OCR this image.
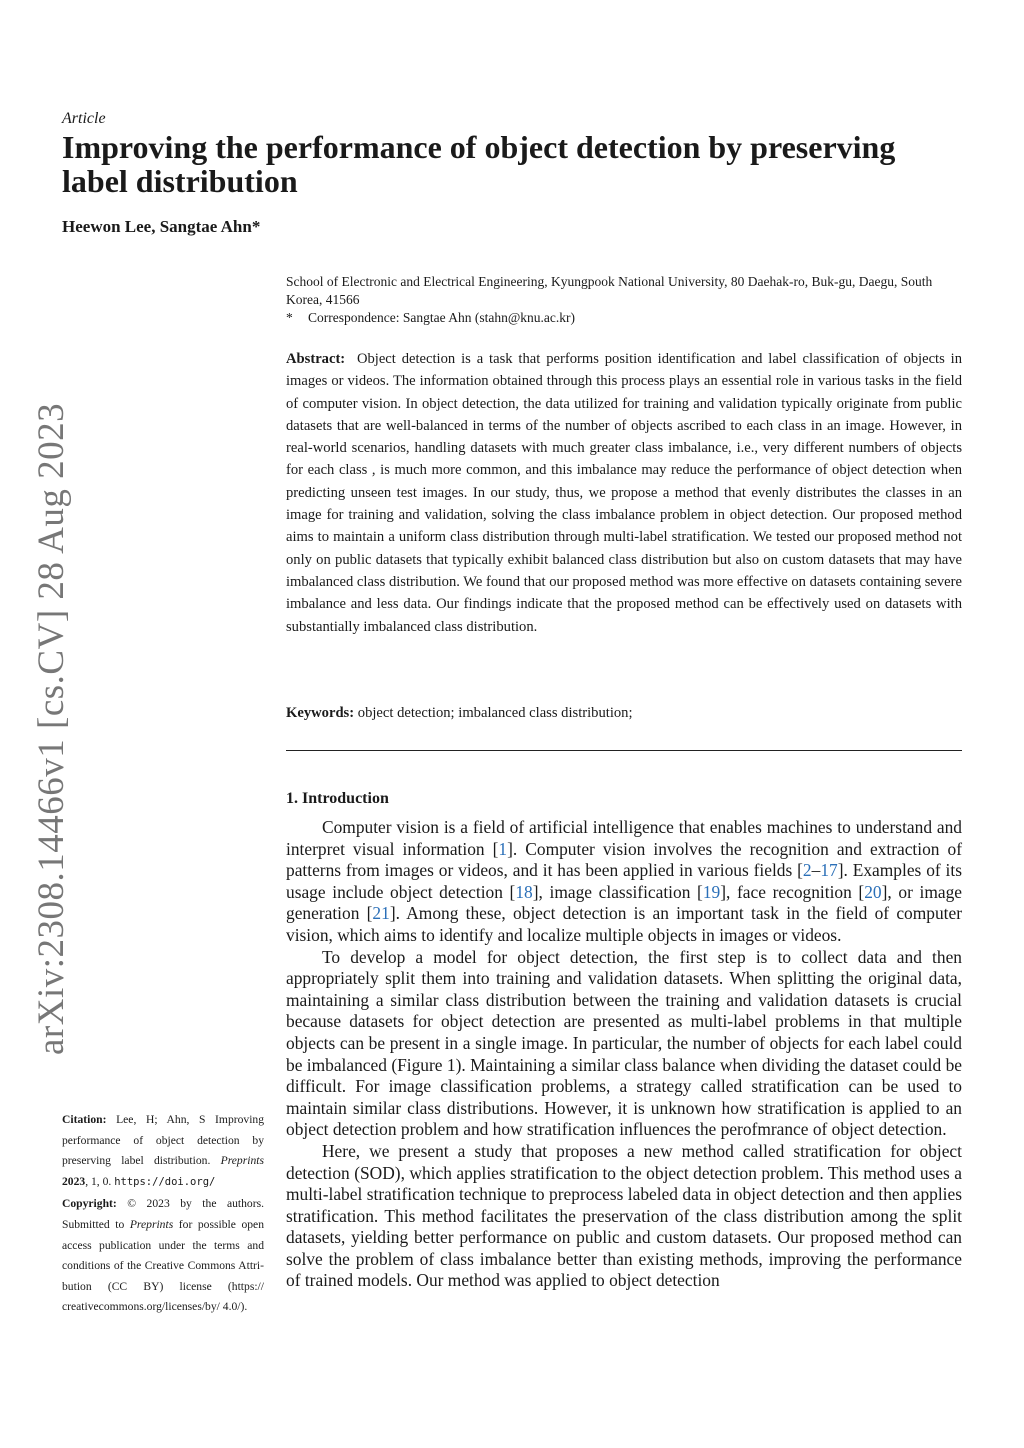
arXiv:2308.14466v1 [cs.CV] 28 Aug 2023
Article
Improving the performance of object detection by preserving label distribution
Heewon Lee, Sangtae Ahn*
School of Electronic and Electrical Engineering, Kyungpook National University, 80 Daehak-ro, Buk-gu, Daegu, South Korea, 41566
* Correspondence: Sangtae Ahn (stahn@knu.ac.kr)

Abstract: Object detection is a task that performs position identification and label classification of objects in images or videos. The information obtained through this process plays an essential role in various tasks in the field of computer vision. In object detection, the data utilized for training and validation typically originate from public datasets that are well-balanced in terms of the number of objects ascribed to each class in an image. However, in real-world scenarios, handling datasets with much greater class imbalance, i.e., very different numbers of objects for each class , is much more common, and this imbalance may reduce the performance of object detection when predicting unseen test images. In our study, thus, we propose a method that evenly distributes the classes in an image for training and validation, solving the class imbalance problem in object detection. Our proposed method aims to maintain a uniform class distribution through multi-label stratification. We tested our proposed method not only on public datasets that typically exhibit balanced class distribution but also on custom datasets that may have imbalanced class distribution. We found that our proposed method was more effective on datasets containing severe imbalance and less data. Our findings indicate that the proposed method can be effectively used on datasets with substantially imbalanced class distribution.

Keywords: object detection; imbalanced class distribution;
1. Introduction

Computer vision is a field of artificial intelligence that enables machines to understand and interpret visual information [1]. Computer vision involves the recognition and extraction of patterns from images or videos, and it has been applied in various fields [2–17]. Examples of its usage include object detection [18], image classification [19], face recognition [20], or image generation [21]. Among these, object detection is an important task in the field of computer vision, which aims to identify and localize multiple objects in images or videos.

To develop a model for object detection, the first step is to collect data and then appropriately split them into training and validation datasets. When splitting the original data, maintaining a similar class distribution between the training and validation datasets is crucial because datasets for object detection are presented as multi-label problems in that multiple objects can be present in a single image. In particular, the number of objects for each label could be imbalanced (Figure 1). Maintaining a similar class balance when dividing the dataset could be difficult. For image classification problems, a strategy called stratification can be used to maintain similar class distributions. However, it is unknown how stratification is applied to an object detection problem and how stratification influences the perofmrance of object detection.

Here, we present a study that proposes a new method called stratification for object detection (SOD), which applies stratification to the object detection problem. This method uses a multi-label stratification technique to preprocess labeled data in object detection and then applies stratification. This method facilitates the preservation of the class distribution among the split datasets, yielding better performance on public and custom datasets. Our proposed method can solve the problem of class imbalance better than existing methods, improving the performance of trained models. Our method was applied to object detection

Citation: Lee, H; Ahn, S Improving performance of object detection by preserving label distribution. Preprints 2023, 1, 0. https://doi.org/

Copyright: © 2023 by the authors. Submitted to Preprints for possible open access publication under the terms and conditions of the Creative Commons Attri- bution (CC BY) license (https:// creativecommons.org/licenses/by/ 4.0/).
